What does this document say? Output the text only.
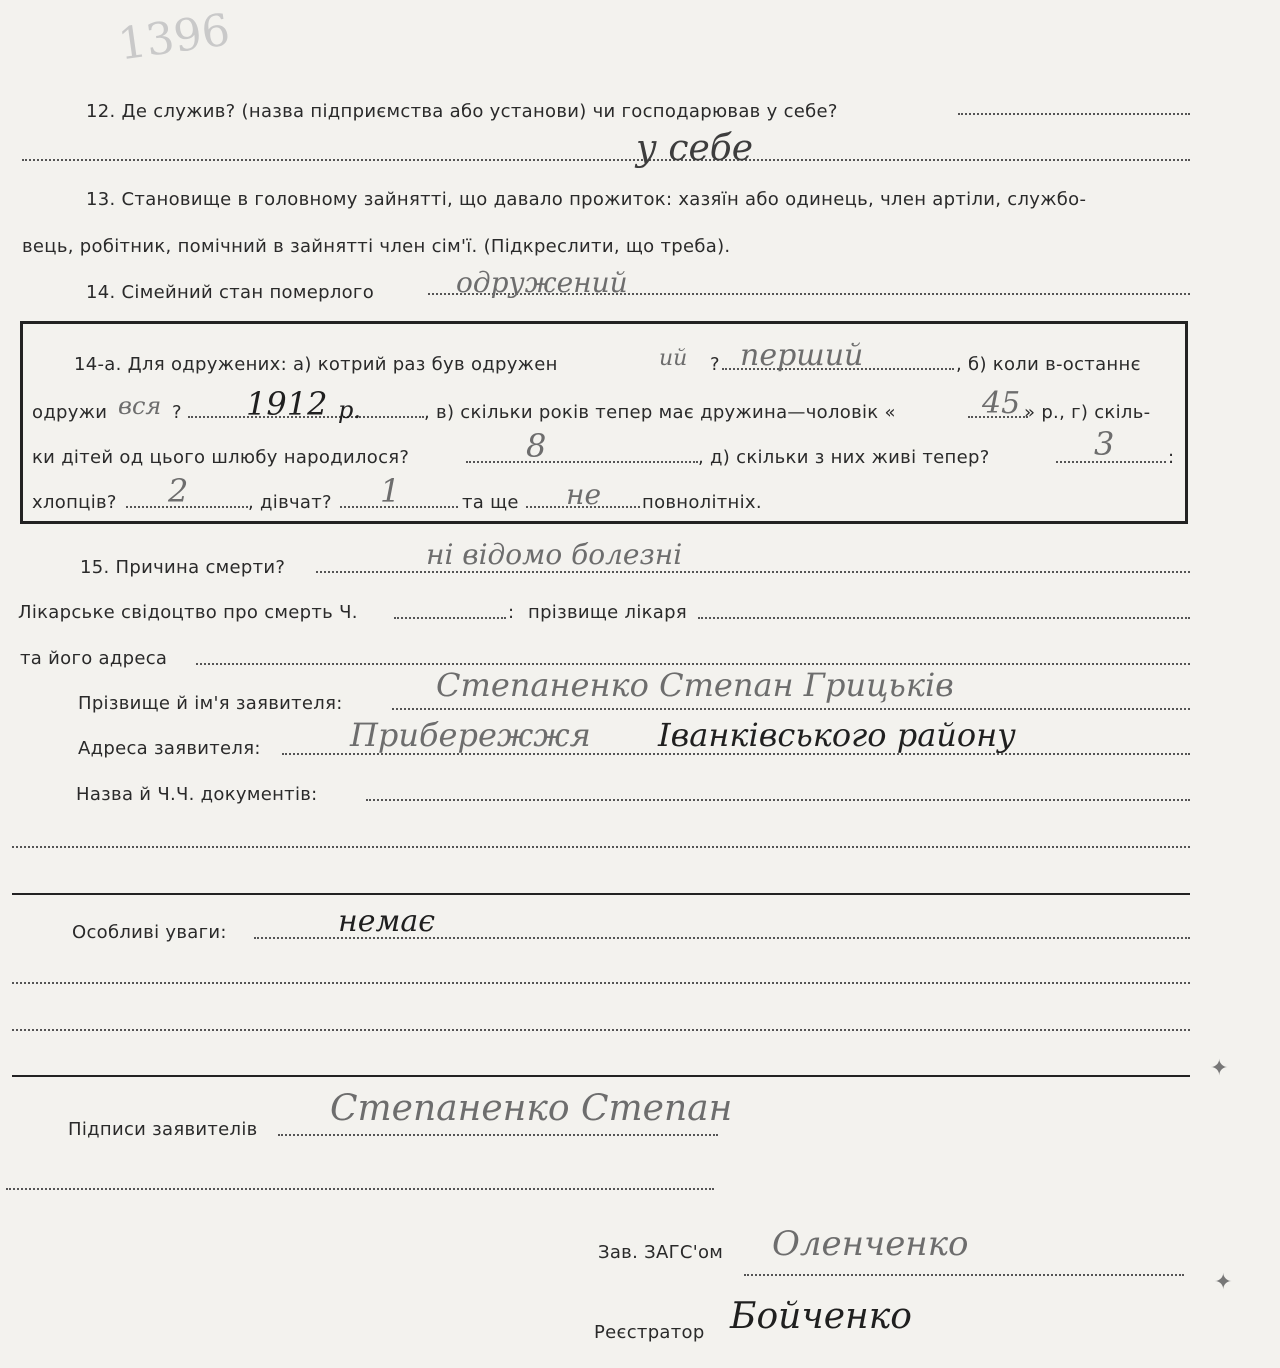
1396
12. Де служив? (назва підприємства або установи) чи господарював у себе?
у себе
13. Становище в головному зайнятті, що давало прожиток: хазяїн або одинець, член артіли, службо-
вець, робітник, помічний в зайнятті член сім'ї. (Підкреслити, що треба).
14. Сімейний стан померлого	одружений
14-а. Для одружених: а) котрий раз був одружен	ий ? перший	, б) коли в-останнє
одружи вся ? 1912 р.	, в) скільки років тепер має дружина—чоловік «	45 » р., г) скіль-
ки дітей од цього шлюбу народилося?	8	, д) скільки з них живі тепер?	3	:
хлопців? 2	, дівчат? 1	та ще не повнолітніх.
15. Причина смерти?	ні відомо болезні
Лікарське свідоцтво про смерть Ч.	: прізвище лікаря
та його адреса
Прізвище й ім'я заявителя:	Степаненко Степан Грицьків
Адреса заявителя:	Прибережжя Іванківського району
Назва й Ч.Ч. документів:
Особливі уваги:	немає
Підписи заявителів
Степаненко Степан
Зав. ЗАГС'ом Оленченко
Реєстратор Бойченко
✦
✦
